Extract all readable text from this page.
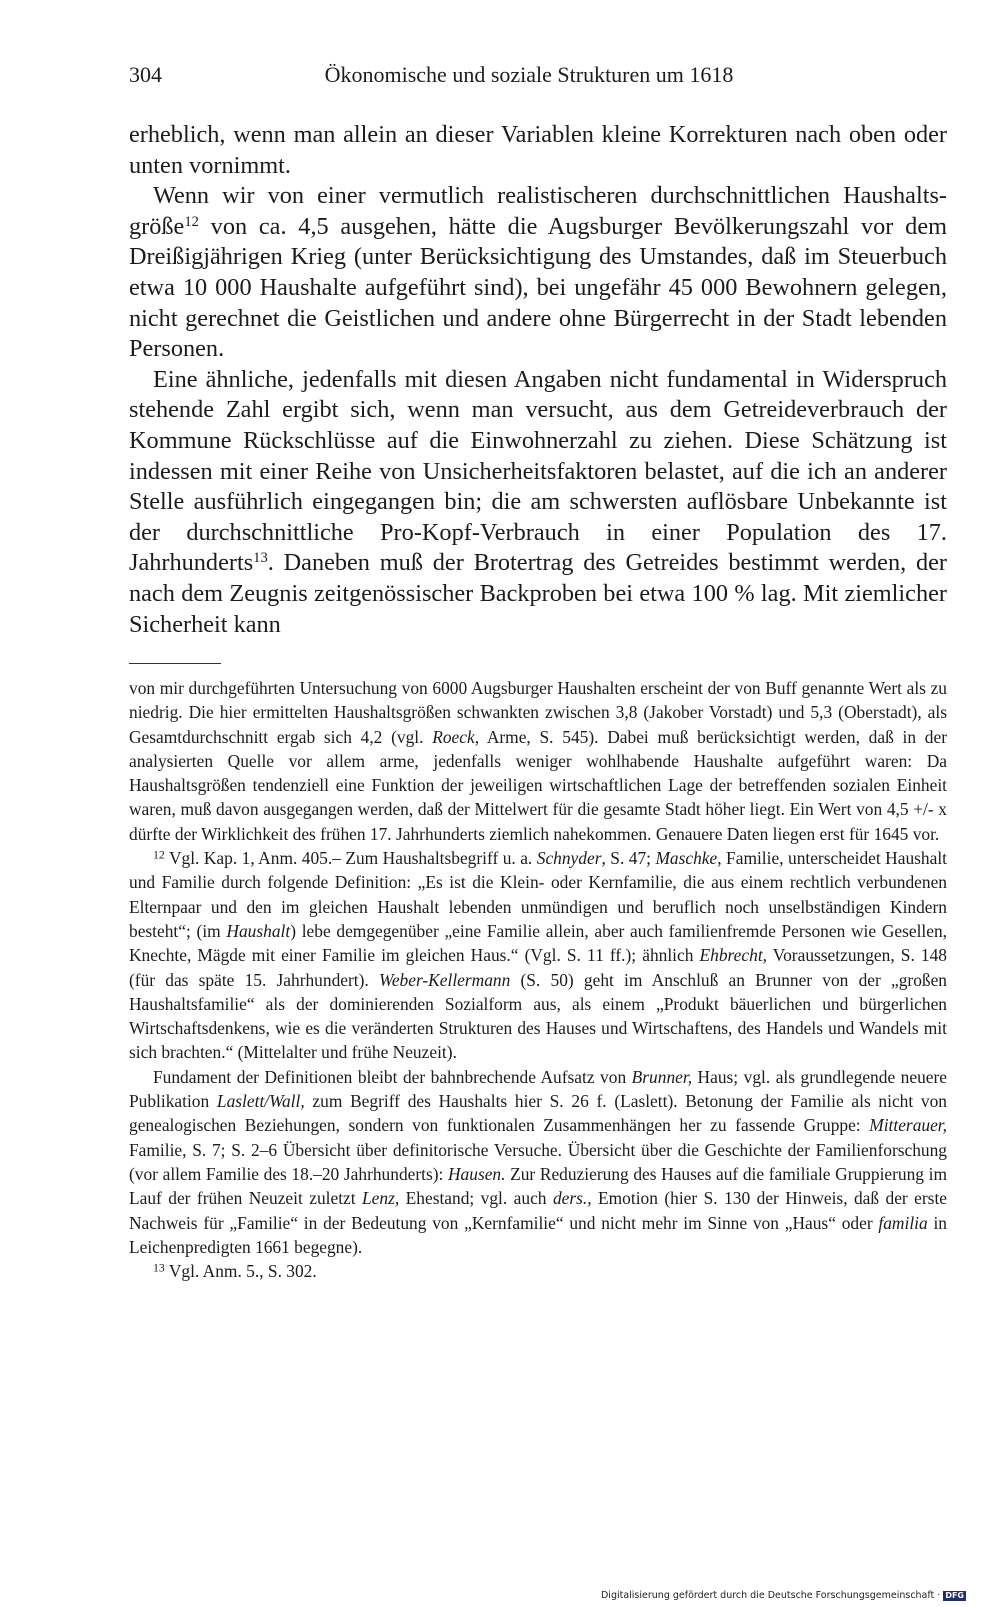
304	Ökonomische und soziale Strukturen um 1618

erheblich, wenn man allein an dieser Variablen kleine Korrekturen nach oben oder unten vornimmt.

Wenn wir von einer vermutlich realistischeren durchschnittlichen Haushaltsgröße$^{12}$ von ca. 4,5 ausgehen, hätte die Augsburger Bevölkerungszahl vor dem Dreißigjährigen Krieg (unter Berücksichtigung des Umstandes, daß im Steuerbuch etwa 10 000 Haushalte aufgeführt sind), bei ungefähr 45 000 Bewohnern gelegen, nicht gerechnet die Geistlichen und andere ohne Bürgerrecht in der Stadt lebenden Personen.

Eine ähnliche, jedenfalls mit diesen Angaben nicht fundamental in Widerspruch stehende Zahl ergibt sich, wenn man versucht, aus dem Getreideverbrauch der Kommune Rückschlüsse auf die Einwohnerzahl zu ziehen. Diese Schätzung ist indessen mit einer Reihe von Unsicherheitsfaktoren belastet, auf die ich an anderer Stelle ausführlich eingegangen bin; die am schwersten auflösbare Unbekannte ist der durchschnittliche Pro-Kopf-Verbrauch in einer Population des 17. Jahrhunderts$^{13}$. Daneben muß der Brotertrag des Getreides bestimmt werden, der nach dem Zeugnis zeitgenössischer Backproben bei etwa 100 % lag. Mit ziemlicher Sicherheit kann

von mir durchgeführten Untersuchung von 6000 Augsburger Haushalten erscheint der von Buff genannte Wert als zu niedrig. Die hier ermittelten Haushaltsgrößen schwankten zwischen 3,8 (Jakober Vorstadt) und 5,3 (Oberstadt), als Gesamtdurchschnitt ergab sich 4,2 (vgl. Roeck, Arme, S. 545). Dabei muß berücksichtigt werden, daß in der analysierten Quelle vor allem arme, jedenfalls weniger wohlhabende Haushalte aufgeführt waren: Da Haushaltsgrößen tendenziell eine Funktion der jeweiligen wirtschaftlichen Lage der betreffenden sozialen Einheit waren, muß davon ausgegangen werden, daß der Mittelwert für die gesamte Stadt höher liegt. Ein Wert von 4,5 +/- x dürfte der Wirklichkeit des frühen 17. Jahrhunderts ziemlich nahekommen. Genauere Daten liegen erst für 1645 vor.

$^{12}$ Vgl. Kap. 1, Anm. 405.– Zum Haushaltsbegriff u. a. Schnyder, S. 47; Maschke, Familie, unterscheidet Haushalt und Familie durch folgende Definition: „Es ist die Klein- oder Kernfamilie, die aus einem rechtlich verbundenen Elternpaar und den im gleichen Haushalt lebenden unmündigen und beruflich noch unselbständigen Kindern besteht“; (im Haushalt) lebe demgegenüber „eine Familie allein, aber auch familienfremde Personen wie Gesellen, Knechte, Mägde mit einer Familie im gleichen Haus.“ (Vgl. S. 11 ff.); ähnlich Ehbrecht, Voraussetzungen, S. 148 (für das späte 15. Jahrhundert). Weber-Kellermann (S. 50) geht im Anschluß an Brunner von der „großen Haushaltsfamilie“ als der dominierenden Sozialform aus, als einem „Produkt bäuerlichen und bürgerlichen Wirtschaftsdenkens, wie es die veränderten Strukturen des Hauses und Wirtschaftens, des Handels und Wandels mit sich brachten.“ (Mittelalter und frühe Neuzeit).

Fundament der Definitionen bleibt der bahnbrechende Aufsatz von Brunner, Haus; vgl. als grundlegende neuere Publikation Laslett/Wall, zum Begriff des Haushalts hier S. 26 f. (Laslett). Betonung der Familie als nicht von genealogischen Beziehungen, sondern von funktionalen Zusammenhängen her zu fassende Gruppe: Mitterauer, Familie, S. 7; S. 2–6 Übersicht über definitorische Versuche. Übersicht über die Geschichte der Familienforschung (vor allem Familie des 18.–20 Jahrhunderts): Hausen. Zur Reduzierung des Hauses auf die familiale Gruppierung im Lauf der frühen Neuzeit zuletzt Lenz, Ehestand; vgl. auch ders., Emotion (hier S. 130 der Hinweis, daß der erste Nachweis für „Familie“ in der Bedeutung von „Kernfamilie“ und nicht mehr im Sinne von „Haus“ oder familia in Leichenpredigten 1661 begegne).

$^{13}$ Vgl. Anm. 5., S. 302.

Digitalisierung gefördert durch die Deutsche Forschungsgemeinschaft · DFG
